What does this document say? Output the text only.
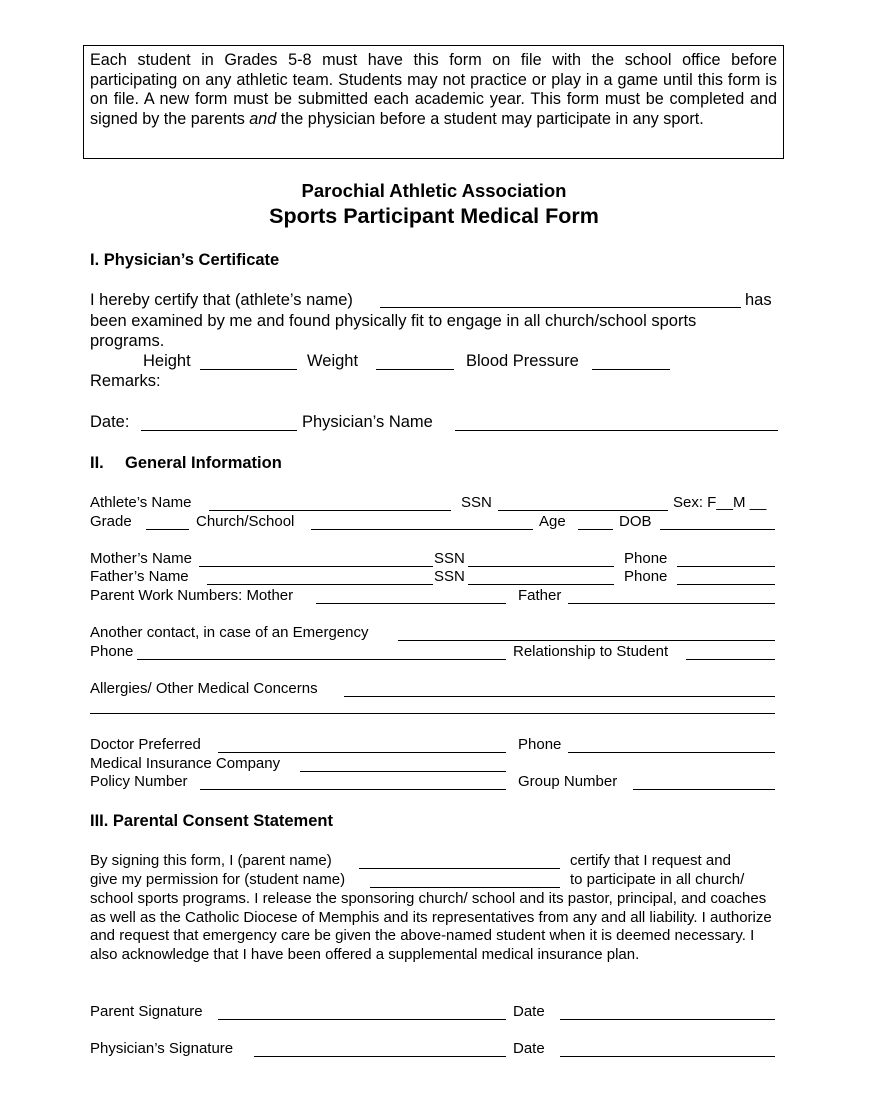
Each student in Grades 5-8 must have this form on file with the school office before participating on any athletic team. Students may not practice or play in a game until this form is on file. A new form must be submitted each academic year. This form must be completed and signed by the parents and the physician before a student may participate in any sport.
Parochial Athletic Association
Sports Participant Medical Form
I. Physician’s Certificate
I hereby certify that (athlete’s name)	has
been examined by me and found physically fit to engage in all church/school sports
programs.
Height	Weight	Blood Pressure
Remarks:
Date:	Physician’s Name
II. General Information
Athlete’s Name	SSN	Sex: F__M __
Grade	Church/School	Age	DOB
Mother’s Name	SSN	Phone
Father’s Name	SSN	Phone
Parent Work Numbers: Mother	Father
Another contact, in case of an Emergency
Phone	Relationship to Student
Allergies/ Other Medical Concerns
Doctor Preferred	Phone
Medical Insurance Company
Policy Number	Group Number
III. Parental Consent Statement
By signing this form, I (parent name)	certify that I request and
give my permission for (student name)	to participate in all church/
school sports programs. I release the sponsoring church/ school and its pastor, principal, and coaches as well as the Catholic Diocese of Memphis and its representatives from any and all liability. I authorize and request that emergency care be given the above-named student when it is deemed necessary. I also acknowledge that I have been offered a supplemental medical insurance plan.
Parent Signature	Date
Physician’s Signature	Date
